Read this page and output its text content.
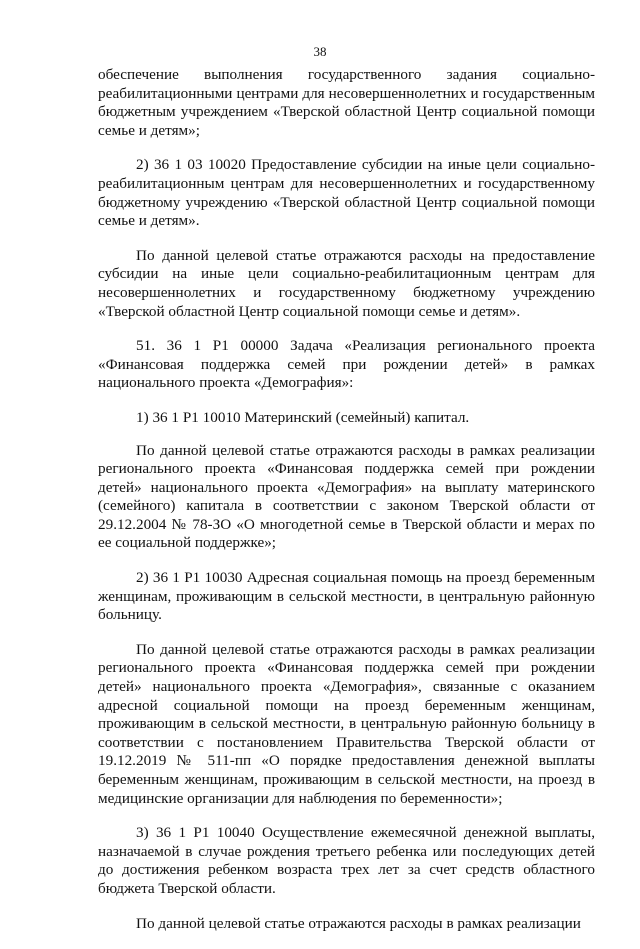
38

обеспечение выполнения государственного задания социально-реабилитационными центрами для несовершеннолетних и государственным бюджетным учреждением «Тверской областной Центр социальной помощи семье и детям»;

2) 36 1 03 10020 Предоставление субсидии на иные цели социально-реабилитационным центрам для несовершеннолетних и государственному бюджетному учреждению «Тверской областной Центр социальной помощи семье и детям».

По данной целевой статье отражаются расходы на предоставление субсидии на иные цели социально-реабилитационным центрам для несовершеннолетних и государственному бюджетному учреждению «Тверской областной Центр социальной помощи семье и детям».

51. 36 1 P1 00000 Задача «Реализация регионального проекта «Финансовая поддержка семей при рождении детей» в рамках национального проекта «Демография»:

1) 36 1 P1 10010 Материнский (семейный) капитал.

По данной целевой статье отражаются расходы в рамках реализации регионального проекта «Финансовая поддержка семей при рождении детей» национального проекта «Демография» на выплату материнского (семейного) капитала в соответствии с законом Тверской области от 29.12.2004 № 78-ЗО «О многодетной семье в Тверской области и мерах по ее социальной поддержке»;

2) 36 1 P1 10030 Адресная социальная помощь на проезд беременным женщинам, проживающим в сельской местности, в центральную районную больницу.

По данной целевой статье отражаются расходы в рамках реализации регионального проекта «Финансовая поддержка семей при рождении детей» национального проекта «Демография», связанные с оказанием адресной социальной помощи на проезд беременным женщинам, проживающим в сельской местности, в центральную районную больницу в соответствии с постановлением Правительства Тверской области от 19.12.2019 № 511-пп «О порядке предоставления денежной выплаты беременным женщинам, проживающим в сельской местности, на проезд в медицинские организации для наблюдения по беременности»;

3) 36 1 P1 10040 Осуществление ежемесячной денежной выплаты, назначаемой в случае рождения третьего ребенка или последующих детей до достижения ребенком возраста трех лет за счет средств областного бюджета Тверской области.

По данной целевой статье отражаются расходы в рамках реализации
